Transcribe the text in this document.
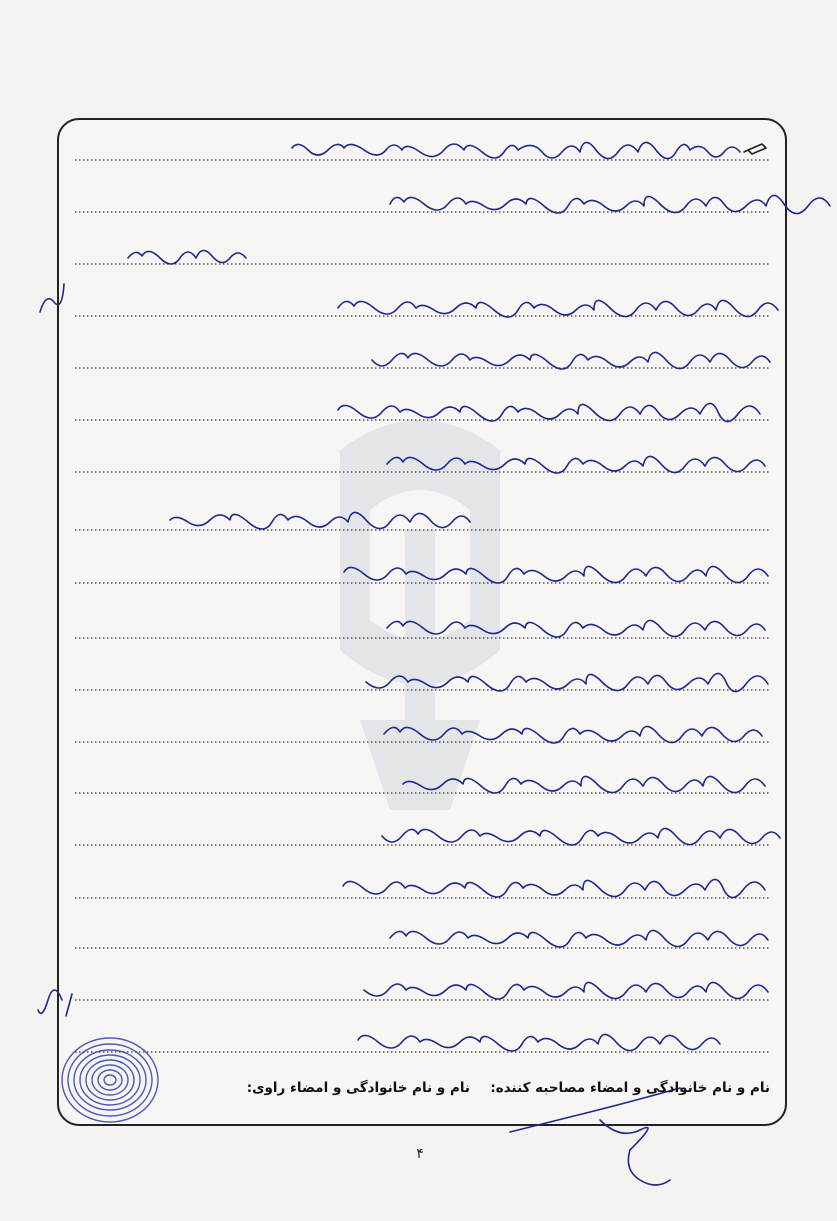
نام و نام خانوادگی و امضاء مصاحبه کننده:
نام و نام خانوادگی و امضاء راوی:
۴
